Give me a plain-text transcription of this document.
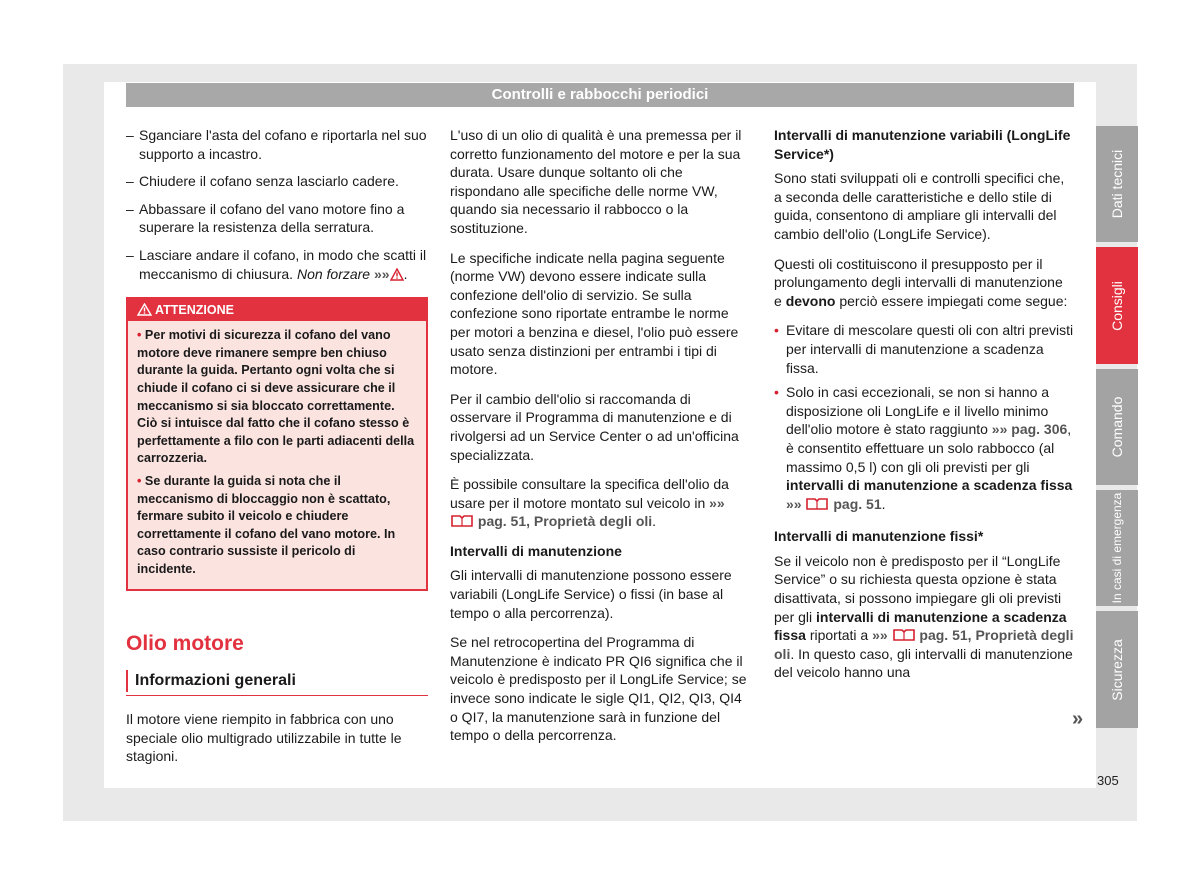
Controlli e rabbocchi periodici
– Sganciare l'asta del cofano e riportarla nel suo supporto a incastro.
– Chiudere il cofano senza lasciarlo cadere.
– Abbassare il cofano del vano motore fino a superare la resistenza della serratura.
– Lasciare andare il cofano, in modo che scatti il meccanismo di chiusura. Non forzare »» .
ATTENZIONE

• Per motivi di sicurezza il cofano del vano motore deve rimanere sempre ben chiuso durante la guida. Pertanto ogni volta che si chiude il cofano ci si deve assicurare che il meccanismo si sia bloccato correttamente. Ciò si intuisce dal fatto che il cofano stesso è perfettamente a filo con le parti adiacenti della carrozzeria.

• Se durante la guida si nota che il meccanismo di bloccaggio non è scattato, fermare subito il veicolo e chiudere correttamente il cofano del vano motore. In caso contrario sussiste il pericolo di incidente.

Olio motore
Informazioni generali

Il motore viene riempito in fabbrica con uno speciale olio multigrado utilizzabile in tutte le stagioni.

L'uso di un olio di qualità è una premessa per il corretto funzionamento del motore e per la sua durata. Usare dunque soltanto oli che rispondano alle specifiche delle norme VW, quando sia necessario il rabbocco o la sostituzione.

Le specifiche indicate nella pagina seguente (norme VW) devono essere indicate sulla confezione dell'olio di servizio. Se sulla confezione sono riportate entrambe le norme per motori a benzina e diesel, l'olio può essere usato senza distinzioni per entrambi i tipi di motore.

Per il cambio dell'olio si raccomanda di osservare il Programma di manutenzione e di rivolgersi ad un Service Center o ad un'officina specializzata.

È possibile consultare la specifica dell'olio da usare per il motore montato sul veicolo in »»  pag. 51, Proprietà degli oli.

Intervalli di manutenzione

Gli intervalli di manutenzione possono essere variabili (LongLife Service) o fissi (in base al tempo o alla percorrenza).

Se nel retrocopertina del Programma di Manutenzione è indicato PR QI6 significa che il veicolo è predisposto per il LongLife Service; se invece sono indicate le sigle QI1, QI2, QI3, QI4 o QI7, la manutenzione sarà in funzione del tempo o della percorrenza.

Intervalli di manutenzione variabili (LongLife Service*)

Sono stati sviluppati oli e controlli specifici che, a seconda delle caratteristiche e dello stile di guida, consentono di ampliare gli intervalli del cambio dell'olio (LongLife Service).

Questi oli costituiscono il presupposto per il prolungamento degli intervalli di manutenzione e devono perciò essere impiegati come segue:

• Evitare di mescolare questi oli con altri previsti per intervalli di manutenzione a scadenza fissa.

• Solo in casi eccezionali, se non si hanno a disposizione oli LongLife e il livello minimo dell'olio motore è stato raggiunto »» pag. 306, è consentito effettuare un solo rabbocco (al massimo 0,5 l) con gli oli previsti per gli intervalli di manutenzione a scadenza fissa »» pag. 51.

Intervalli di manutenzione fissi*

Se il veicolo non è predisposto per il “LongLife Service” o su richiesta questa opzione è stata disattivata, si possono impiegare gli oli previsti per gli intervalli di manutenzione a scadenza fissa riportati a »» pag. 51, Proprietà degli oli. In questo caso, gli intervalli di manutenzione del veicolo hanno una

»
Dati tecnici
Consigli
Comando
In casi di emergenza
Sicurezza
305
